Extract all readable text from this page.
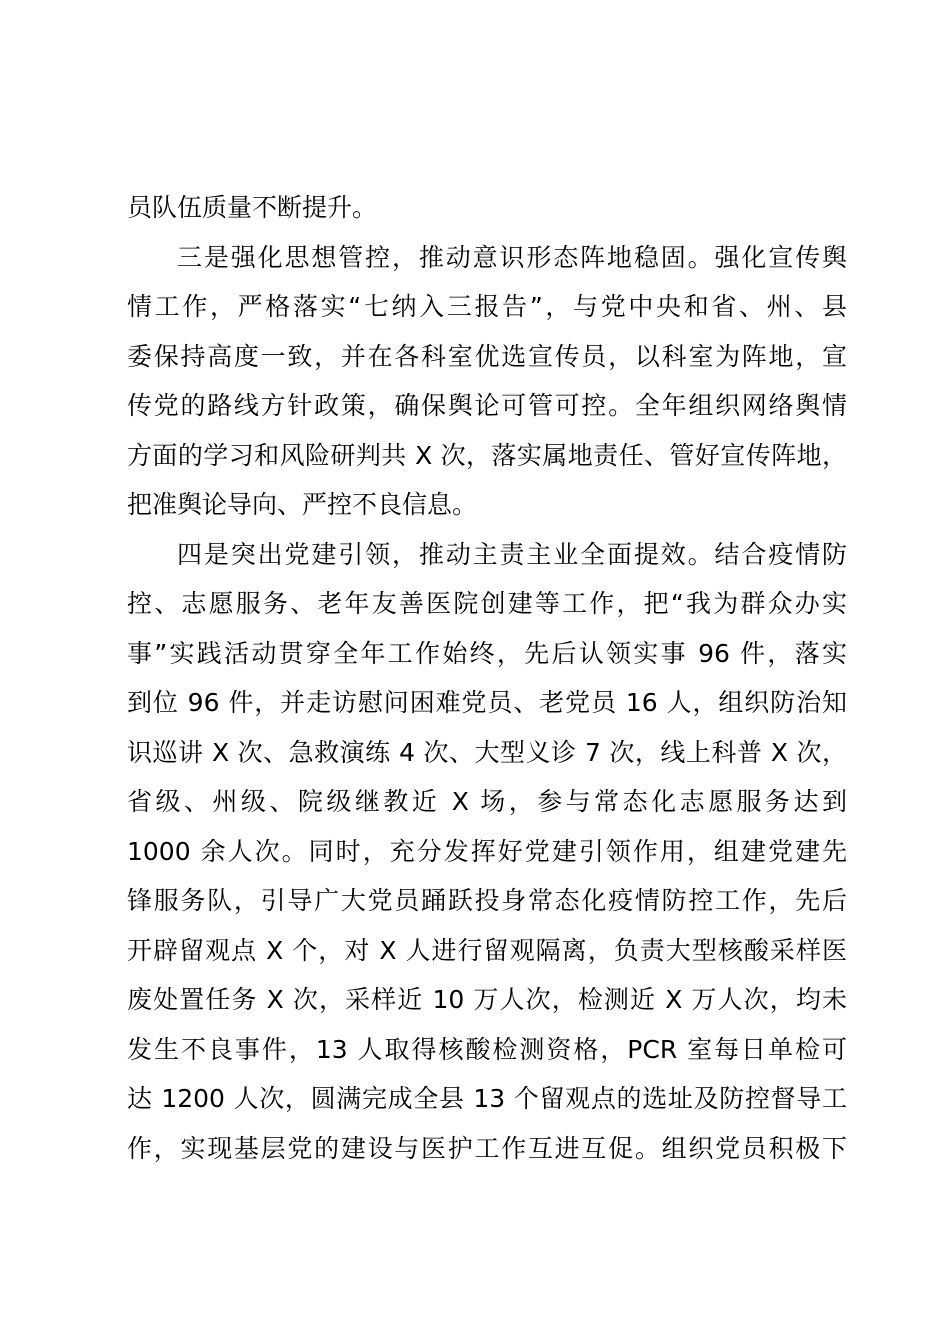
员队伍质量不断提升。
三是强化思想管控，推动意识形态阵地稳固。强化宣传舆
情工作，严格落实“七纳入三报告”，与党中央和省、州、县
委保持高度一致，并在各科室优选宣传员，以科室为阵地，宣
传党的路线方针政策，确保舆论可管可控。全年组织网络舆情
方面的学习和风险研判共 X 次，落实属地责任、管好宣传阵地，
把准舆论导向、严控不良信息。
四是突出党建引领，推动主责主业全面提效。结合疫情防
控、志愿服务、老年友善医院创建等工作，把“我为群众办实
事”实践活动贯穿全年工作始终，先后认领实事 96 件，落实
到位 96 件，并走访慰问困难党员、老党员 16 人，组织防治知
识巡讲 X 次、急救演练 4 次、大型义诊 7 次，线上科普 X 次，
省级、州级、院级继教近 X 场，参与常态化志愿服务达到
1000 余人次。同时，充分发挥好党建引领作用，组建党建先
锋服务队，引导广大党员踊跃投身常态化疫情防控工作，先后
开辟留观点 X 个，对 X 人进行留观隔离，负责大型核酸采样医
废处置任务 X 次，采样近 10 万人次，检测近 X 万人次，均未
发生不良事件，13 人取得核酸检测资格，PCR 室每日单检可
达 1200 人次，圆满完成全县 13 个留观点的选址及防控督导工
作，实现基层党的建设与医护工作互进互促。组织党员积极下
